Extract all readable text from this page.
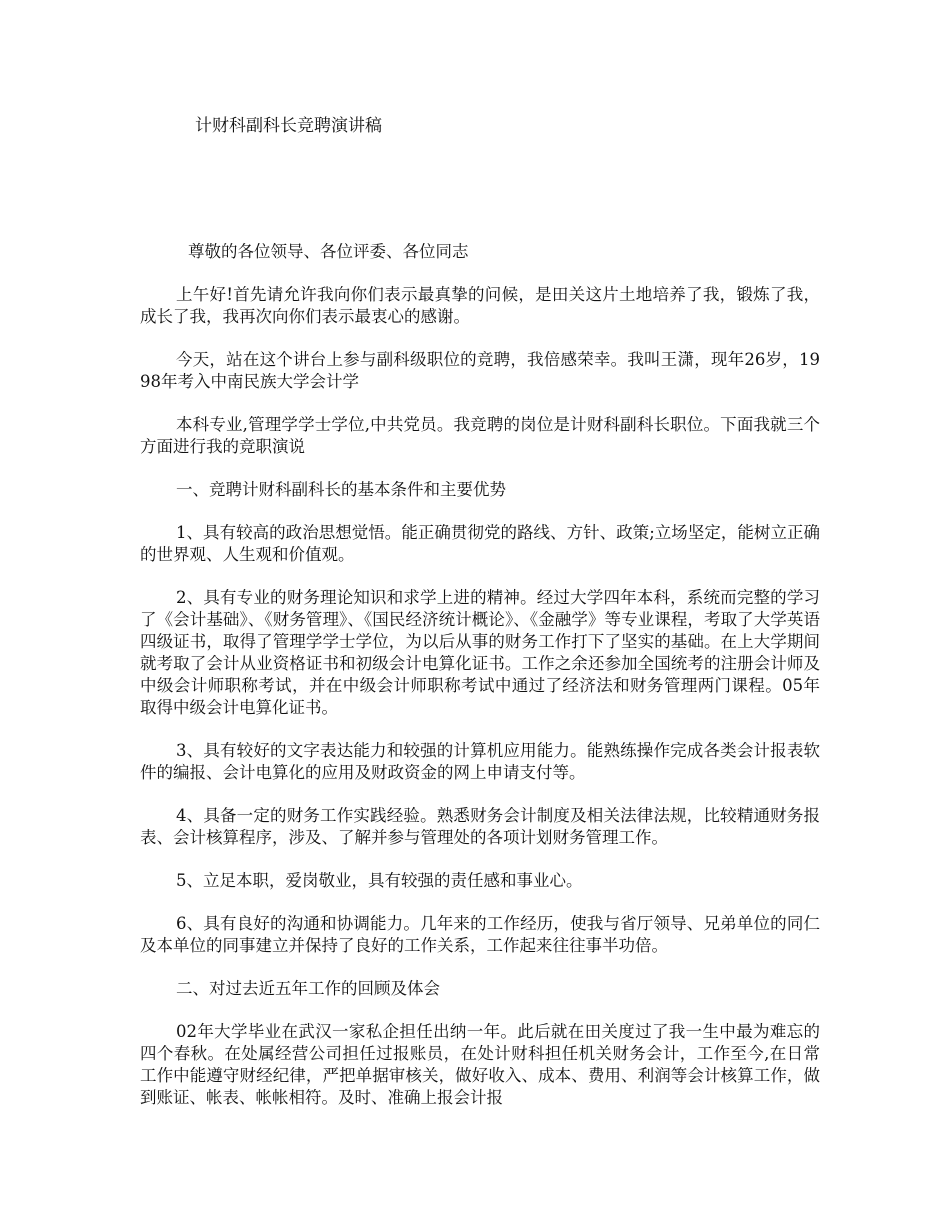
计财科副科长竞聘演讲稿

尊敬的各位领导、各位评委、各位同志

上午好!首先请允许我向你们表示最真挚的问候，是田关这片土地培养了我，锻炼了我，成长了我，我再次向你们表示最衷心的感谢。

今天，站在这个讲台上参与副科级职位的竞聘，我倍感荣幸。我叫王潇，现年26岁，1998年考入中南民族大学会计学

本科专业,管理学学士学位,中共党员。我竞聘的岗位是计财科副科长职位。下面我就三个方面进行我的竞职演说

一、竞聘计财科副科长的基本条件和主要优势

1、具有较高的政治思想觉悟。能正确贯彻党的路线、方针、政策;立场坚定，能树立正确的世界观、人生观和价值观。

2、具有专业的财务理论知识和求学上进的精神。经过大学四年本科，系统而完整的学习了《会计基础》、《财务管理》、《国民经济统计概论》、《金融学》等专业课程，考取了大学英语四级证书，取得了管理学学士学位，为以后从事的财务工作打下了坚实的基础。在上大学期间就考取了会计从业资格证书和初级会计电算化证书。工作之余还参加全国统考的注册会计师及中级会计师职称考试，并在中级会计师职称考试中通过了经济法和财务管理两门课程。05年取得中级会计电算化证书。

3、具有较好的文字表达能力和较强的计算机应用能力。能熟练操作完成各类会计报表软件的编报、会计电算化的应用及财政资金的网上申请支付等。

4、具备一定的财务工作实践经验。熟悉财务会计制度及相关法律法规，比较精通财务报表、会计核算程序，涉及、了解并参与管理处的各项计划财务管理工作。

5、立足本职，爱岗敬业，具有较强的责任感和事业心。

6、具有良好的沟通和协调能力。几年来的工作经历，使我与省厅领导、兄弟单位的同仁及本单位的同事建立并保持了良好的工作关系，工作起来往往事半功倍。

二、对过去近五年工作的回顾及体会

02年大学毕业在武汉一家私企担任出纳一年。此后就在田关度过了我一生中最为难忘的四个春秋。在处属经营公司担任过报账员，在处计财科担任机关财务会计，工作至今,在日常工作中能遵守财经纪律，严把单据审核关，做好收入、成本、费用、利润等会计核算工作，做到账证、帐表、帐帐相符。及时、准确上报会计报
